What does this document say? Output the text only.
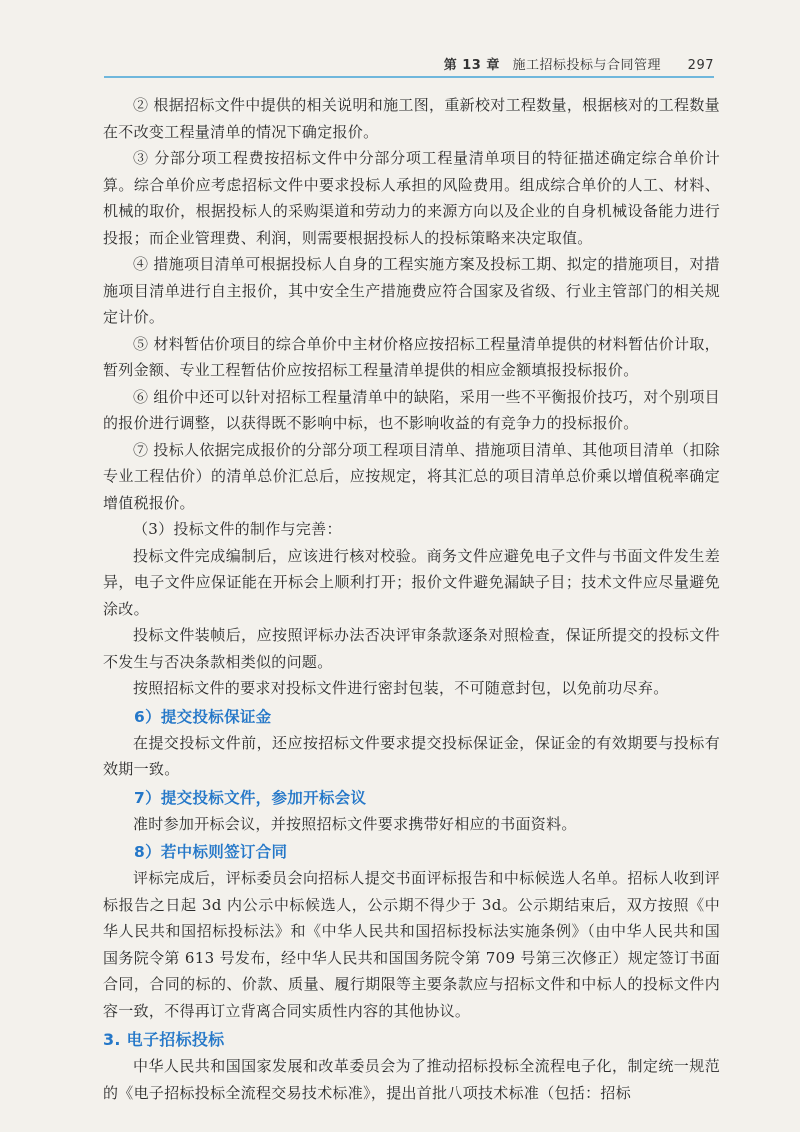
第 13 章 施工招标投标与合同管理 297

② 根据招标文件中提供的相关说明和施工图，重新校对工程数量，根据核对的工程数量在不改变工程量清单的情况下确定报价。

③ 分部分项工程费按招标文件中分部分项工程量清单项目的特征描述确定综合单价计算。综合单价应考虑招标文件中要求投标人承担的风险费用。组成综合单价的人工、材料、机械的取价，根据投标人的采购渠道和劳动力的来源方向以及企业的自身机械设备能力进行投报；而企业管理费、利润，则需要根据投标人的投标策略来决定取值。

④ 措施项目清单可根据投标人自身的工程实施方案及投标工期、拟定的措施项目，对措施项目清单进行自主报价，其中安全生产措施费应符合国家及省级、行业主管部门的相关规定计价。

⑤ 材料暂估价项目的综合单价中主材价格应按招标工程量清单提供的材料暂估价计取，暂列金额、专业工程暂估价应按招标工程量清单提供的相应金额填报投标报价。

⑥ 组价中还可以针对招标工程量清单中的缺陷，采用一些不平衡报价技巧，对个别项目的报价进行调整，以获得既不影响中标，也不影响收益的有竞争力的投标报价。

⑦ 投标人依据完成报价的分部分项工程项目清单、措施项目清单、其他项目清单（扣除专业工程估价）的清单总价汇总后，应按规定，将其汇总的项目清单总价乘以增值税率确定增值税报价。

（3）投标文件的制作与完善：

投标文件完成编制后，应该进行核对校验。商务文件应避免电子文件与书面文件发生差异，电子文件应保证能在开标会上顺利打开；报价文件避免漏缺子目；技术文件应尽量避免涂改。

投标文件装帧后，应按照评标办法否决评审条款逐条对照检查，保证所提交的投标文件不发生与否决条款相类似的问题。

按照招标文件的要求对投标文件进行密封包装，不可随意封包，以免前功尽弃。

6）提交投标保证金

在提交投标文件前，还应按招标文件要求提交投标保证金，保证金的有效期要与投标有效期一致。

7）提交投标文件，参加开标会议

准时参加开标会议，并按照招标文件要求携带好相应的书面资料。

8）若中标则签订合同

评标完成后，评标委员会向招标人提交书面评标报告和中标候选人名单。招标人收到评标报告之日起 3d 内公示中标候选人，公示期不得少于 3d。公示期结束后，双方按照《中华人民共和国招标投标法》和《中华人民共和国招标投标法实施条例》（由中华人民共和国国务院令第 613 号发布，经中华人民共和国国务院令第 709 号第三次修正）规定签订书面合同，合同的标的、价款、质量、履行期限等主要条款应与招标文件和中标人的投标文件内容一致，不得再订立背离合同实质性内容的其他协议。

3. 电子招标投标

中华人民共和国国家发展和改革委员会为了推动招标投标全流程电子化，制定统一规范的《电子招标投标全流程交易技术标准》，提出首批八项技术标准（包括：招标
